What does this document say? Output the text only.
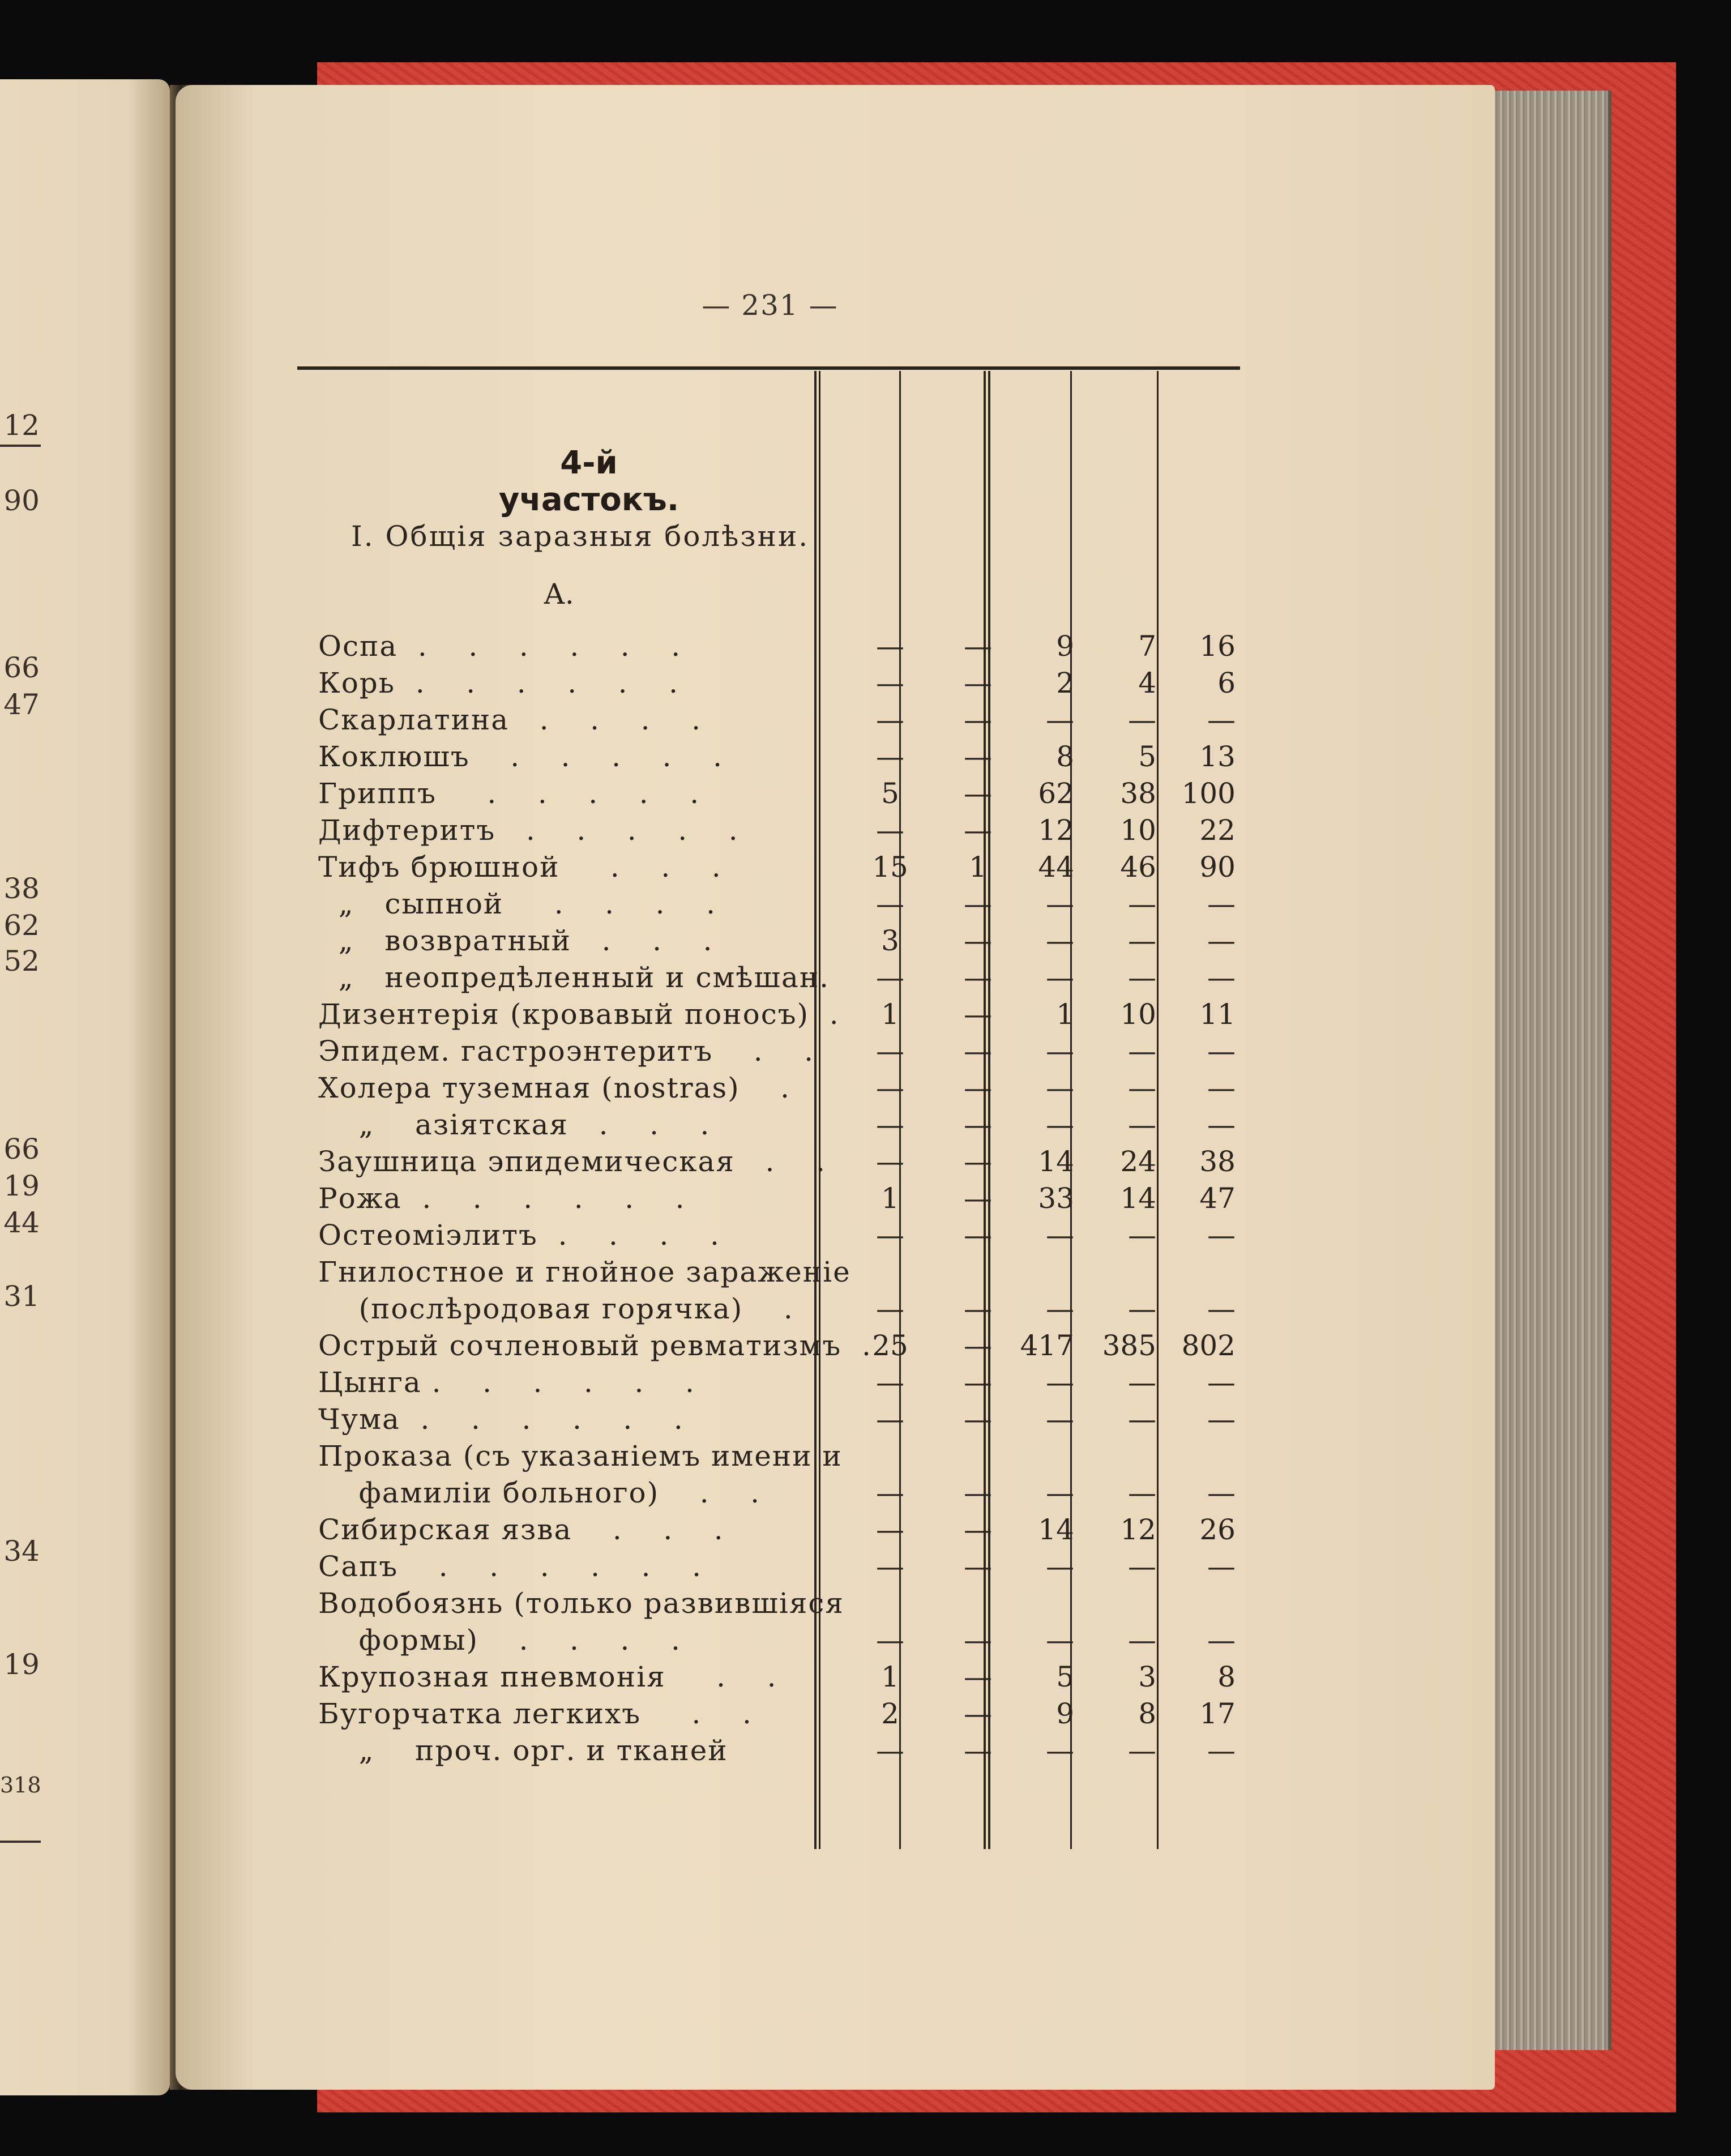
12
90
66
47
38
62
52
66
19
44
31
34
19
318
— 231 —
4-й участокъ.
I. Общiя заразныя болѣзни.
А.
Оспа  .    .    .    .    .    .	—	—	9	7	16
Корь  .    .    .    .    .    .	—	—	2	4	6
Скарлатина   .    .    .    .	—	—	—	—	—
Коклюшъ    .    .    .    .    .	—	—	8	5	13
Гриппъ     .    .    .    .    .	5	—	62	38 100
Дифтеритъ   .    .    .    .    .	—	—	12	10	22
Тифъ брюшной     .    .    .	15	1	44	46	90
„   сыпной     .    .    .    .	—	—	—	—	—
„   возвратный   .    .    .	3	—	—	—	—
„   неопредѣленный и смѣшан.	—	—	—	—	—
Дизентерiя (кровавый поносъ)  .	1	—	1	10	11
Эпидем. гастроэнтеритъ    .    .	—	—	—	—	—
Холера туземная (nostras)    .	—	—	—	—	—
„    азiятская   .    .    .	—	—	—	—	—
Заушница эпидемическая   .    .	—	—	14	24	38
Рожа  .    .    .    .    .    .	1	—	33	14	47
Остеомiэлитъ  .    .    .    .	—	—	—	—	—
Гнилостное и гнойное зараженiе
(послѣродовая горячка)    .	—	—	—	—	—
Острый сочленовый ревматизмъ  . 25	— 417 385 802
Цынга .    .    .    .    .    .	—	—	—	—	—
Чума  .    .    .    .    .    .	—	—	—	—	—
Проказа (съ указанiемъ имени и
фамилiи больного)    .    .	—	—	—	—	—
Сибирская язва    .    .    .	—	—	14	12	26
Сапъ    .    .    .    .    .    .	—	—	—	—	—
Водобоязнь (только развившiяся
формы)    .    .    .    .	—	—	—	—	—
Крупозная пневмонiя     .    .	1	—	5	3	8
Бугорчатка легкихъ     .    .	2	—	9	8	17
„    проч. орг. и тканей	—	—	—	—	—
